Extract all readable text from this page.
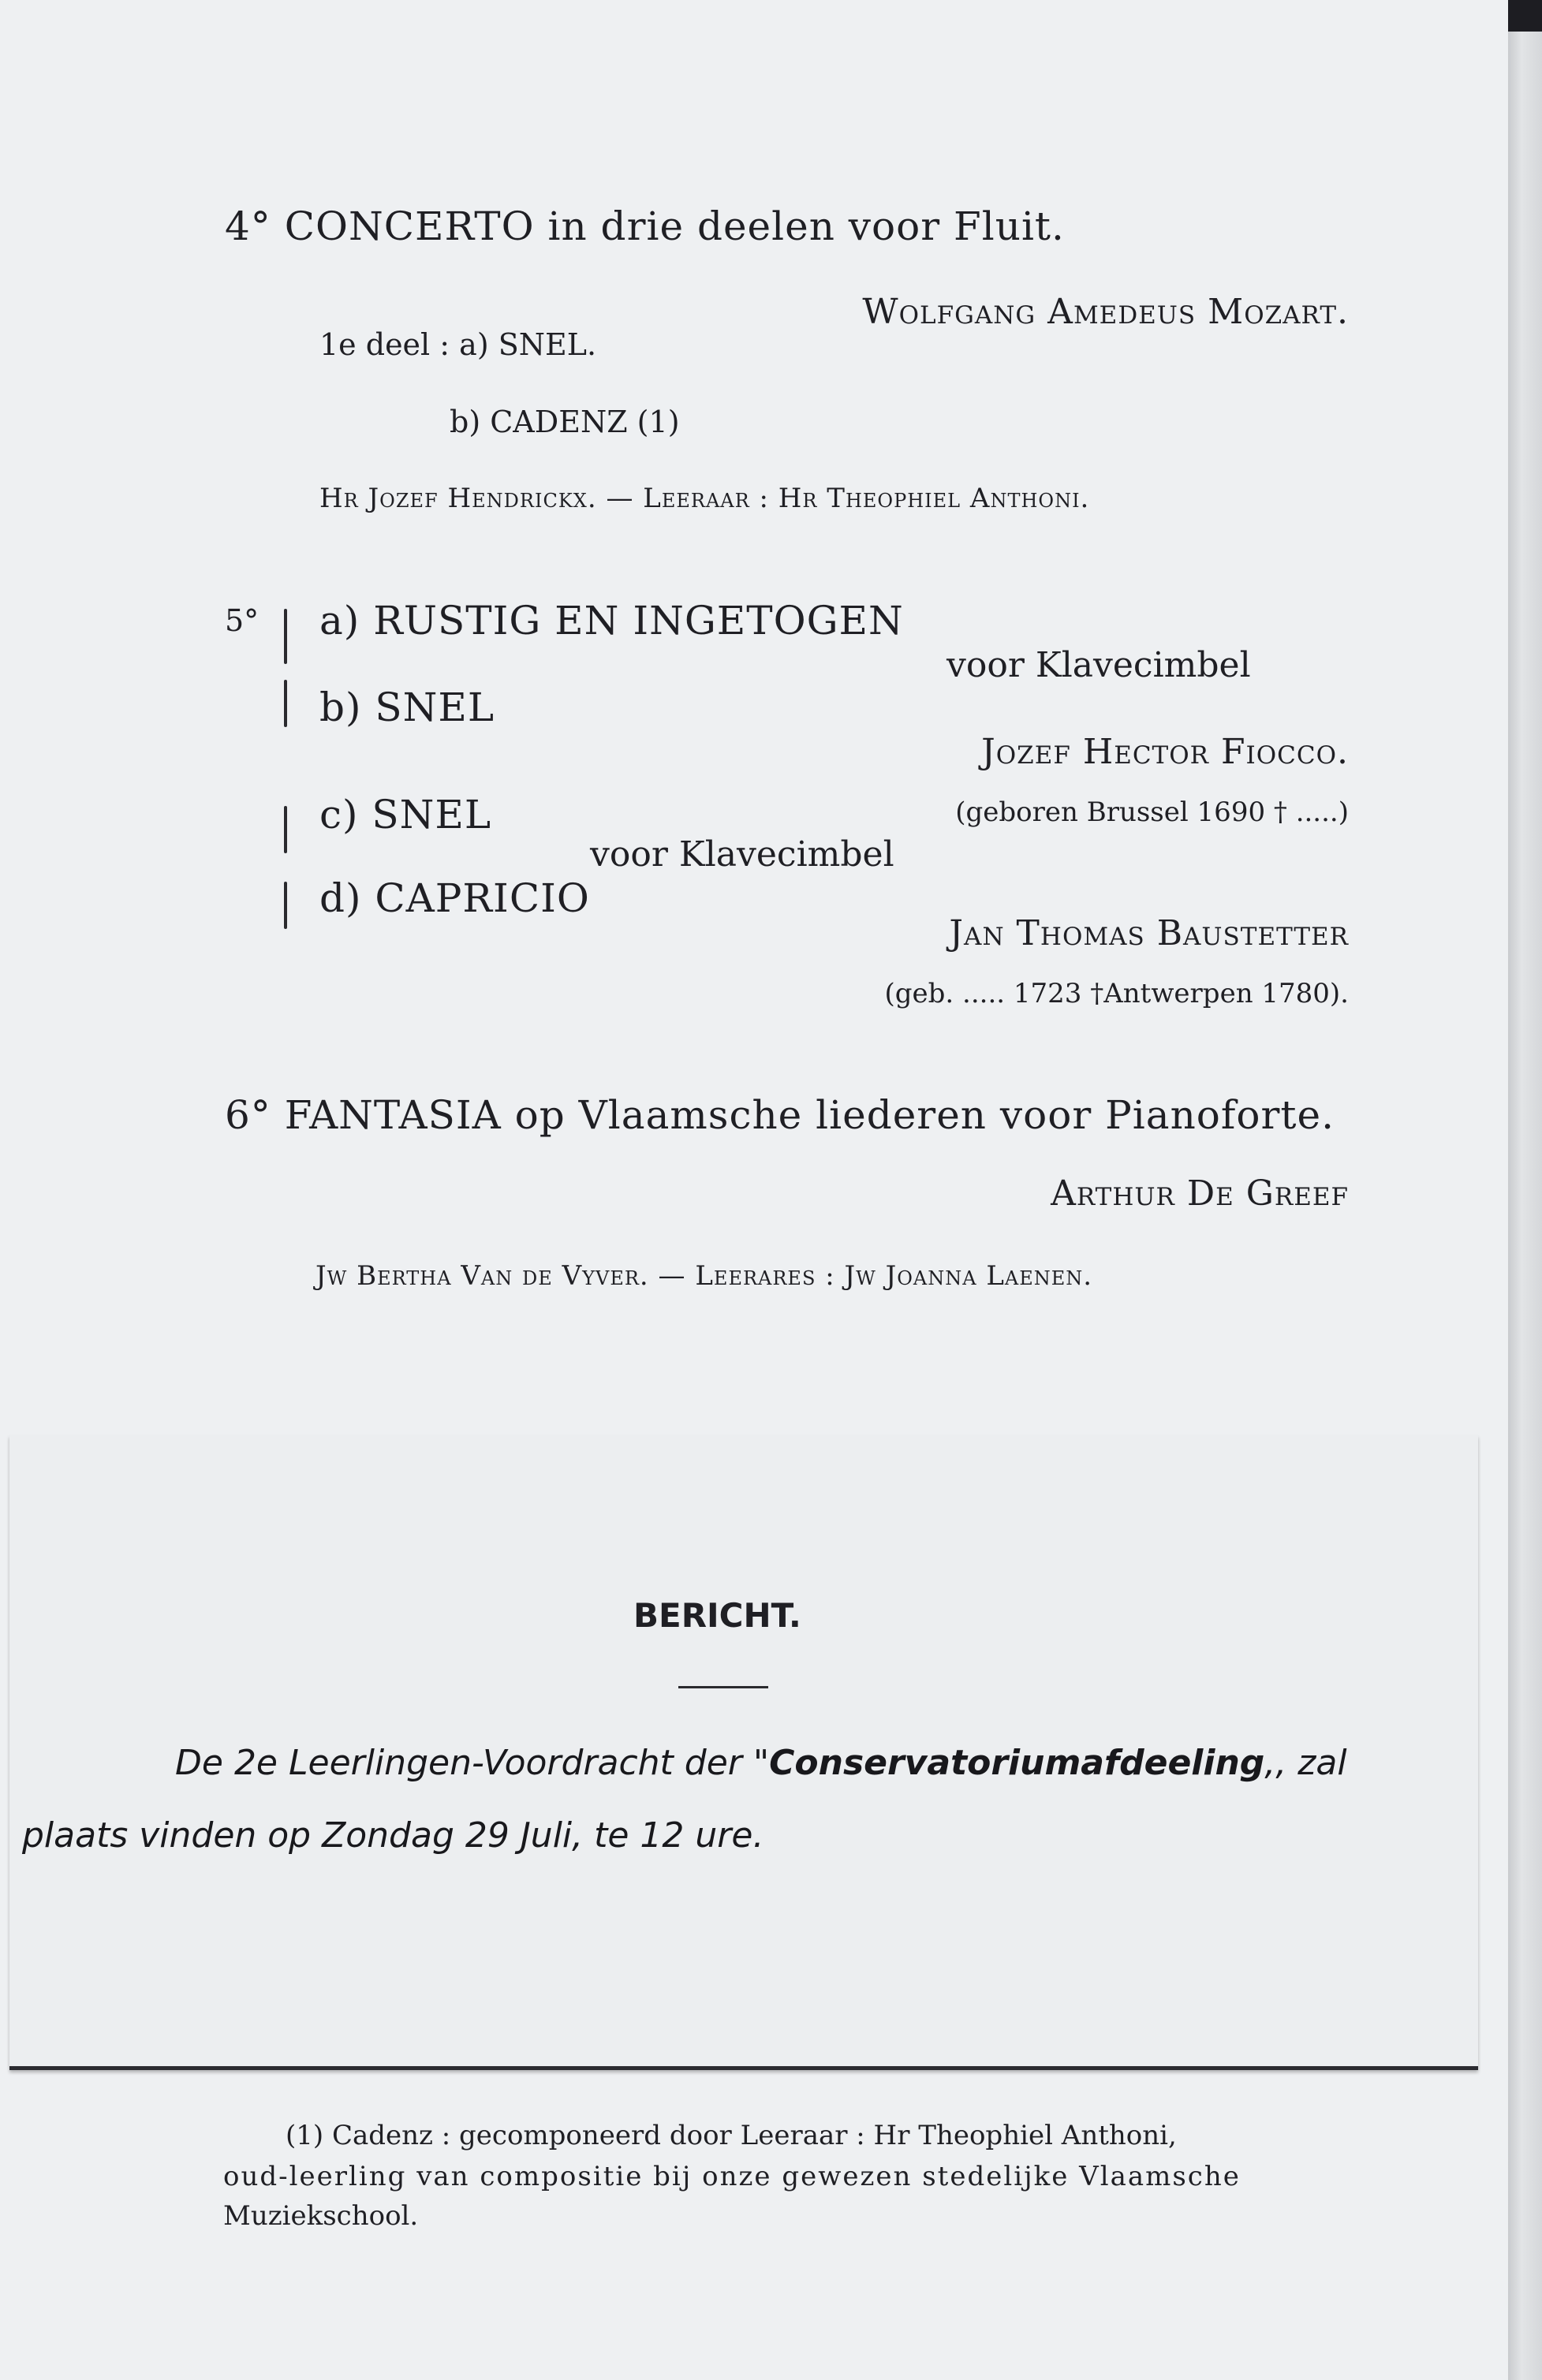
4° CONCERTO in drie deelen voor Fluit.
Wolfgang Amedeus Mozart.
1e deel : a) SNEL.
b) CADENZ (1)
Hr Jozef Hendrickx. — Leeraar : Hr Theophiel Anthoni.
5° a) RUSTIG EN INGETOGEN
b) SNEL
voor Klavecimbel
Jozef Hector Fiocco.
(geboren Brussel 1690 † .....)
c) SNEL
d) CAPRICIO
voor Klavecimbel
Jan Thomas Baustetter
(geb. ..... 1723 †Antwerpen 1780).
6° FANTASIA op Vlaamsche liederen voor Pianoforte.
Arthur De Greef
Jw Bertha Van de Vyver. — Leerares : Jw Joanna Laenen.
BERICHT.
De 2e Leerlingen-Voordracht der "Conservatoriumafdeeling,, zal
plaats vinden op Zondag 29 Juli, te 12 ure.
(1) Cadenz : gecomponeerd door Leeraar : Hr Theophiel Anthoni,
oud-leerling van compositie bij onze gewezen stedelijke Vlaamsche
Muziekschool.
